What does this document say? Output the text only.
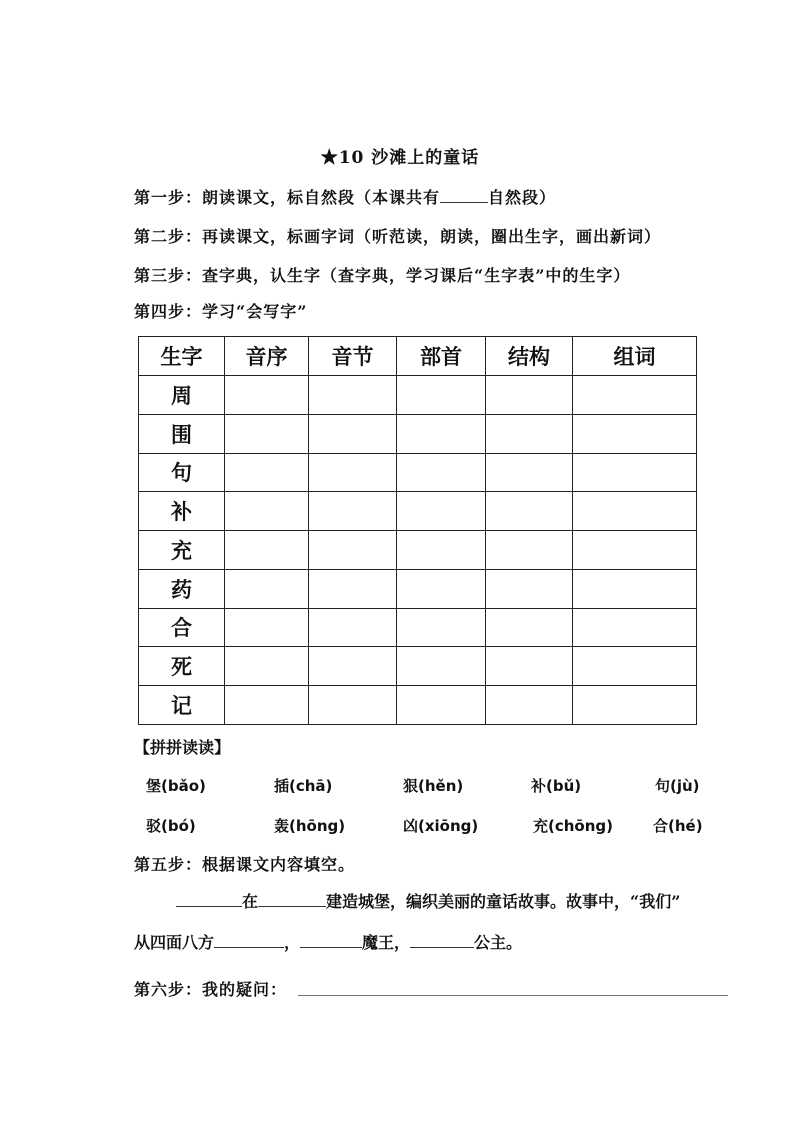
★10 沙滩上的童话
第一步：朗读课文，标自然段（本课共有	自然段）
第二步：再读课文，标画字词（听范读，朗读，圈出生字，画出新词）
第三步：查字典，认生字（查字典，学习课后“生字表”中的生字）
第四步：学习“会写字”
生字	音序	音节	部首	结构	组词
周					
围					
句					
补					
充					
药					
合					
死					
记					
【拼拼读读】
堡(bǎo)	插(chā)	狠(hěn)	补(bǔ)	句(jù)
驳(bó)	轰(hōng)	凶(xiōng)	充(chōng)	合(hé)
第五步：根据课文内容填空。
在	建造城堡，编织美丽的童话故事。故事中，“我们”
从四面八方	，	魔王，	公主。
第六步：我的疑问：
